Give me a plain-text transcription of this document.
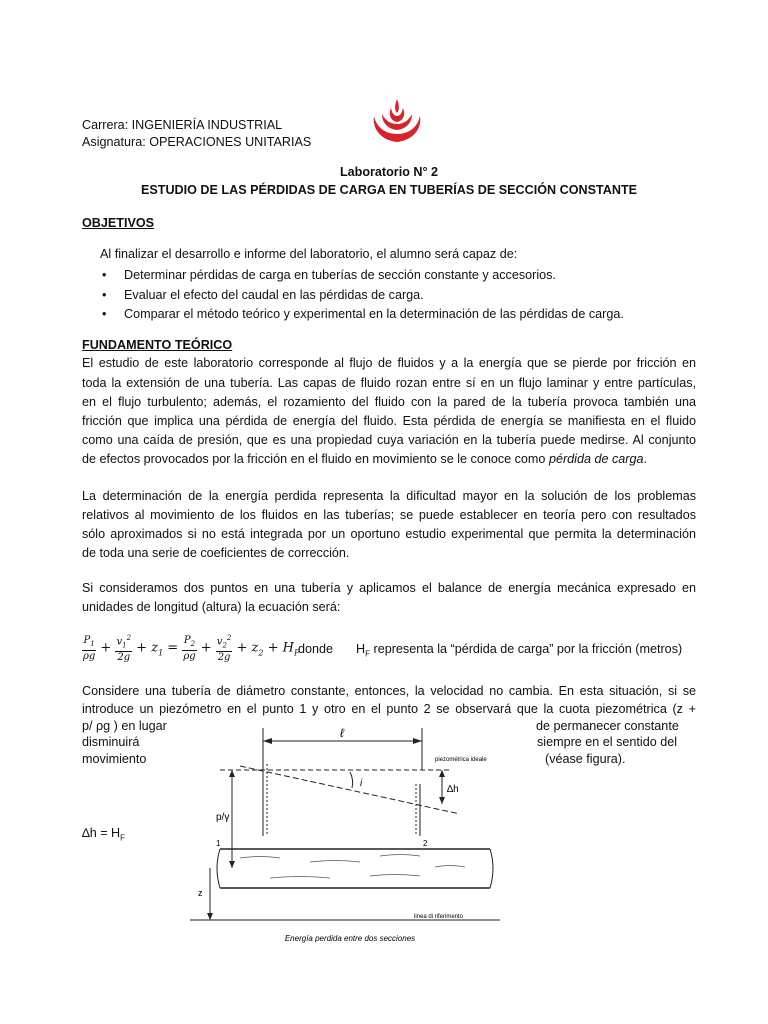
Carrera: INGENIERÍA INDUSTRIAL
Asignatura: OPERACIONES UNITARIAS
Laboratorio N° 2
ESTUDIO DE LAS PÉRDIDAS DE CARGA EN TUBERÍAS DE SECCIÓN CONSTANTE
OBJETIVOS
Al finalizar el desarrollo e informe del laboratorio, el alumno será capaz de:
• Determinar pérdidas de carga en tuberías de sección constante y accesorios.
• Evaluar el efecto del caudal en las pérdidas de carga.
• Comparar el método teórico y experimental en la determinación de las pérdidas de carga.
FUNDAMENTO TEÓRICO
El estudio de este laboratorio corresponde al flujo de fluidos y a la energía que se pierde por fricción en
toda la extensión de una tubería. Las capas de fluido rozan entre sí en un flujo laminar y entre partículas,
en el flujo turbulento; además, el rozamiento del fluido con la pared de la tubería provoca también una
fricción que implica una pérdida de energía del fluido. Esta pérdida de energía se manifiesta en el fluido
como una caída de presión, que es una propiedad cuya variación en la tubería puede medirse. Al conjunto
de efectos provocados por la fricción en el fluido en movimiento se le conoce como pérdida de carga.
La determinación de la energía perdida representa la dificultad mayor en la solución de los problemas
relativos al movimiento de los fluidos en las tuberías; se puede establecer en teoría pero con resultados
sólo aproximados si no está integrada por un oportuno estudio experimental que permita la determinación
de toda una serie de coeficientes de corrección.
Si consideramos dos puntos en una tubería y aplicamos el balance de energía mecánica expresado en
unidades de longitud (altura) la ecuación será:
$\frac{P_1}{\rho g} + \frac{v_1^2}{2g} + z_1 = \frac{P_2}{\rho g} + \frac{v_2^2}{2g} + z_2 + H_F$
donde $H_F$ representa la “pérdida de carga” por la fricción (metros)
Considere una tubería de diámetro constante, entonces, la velocidad no cambia. En esta situación, si se
introduce un piezómetro en el punto 1 y otro en el punto 2 se observará que la cuota piezométrica (z +
p/ ρg ) en lugar	de permanecer constante
disminuirá	siempre en el sentido del
movimiento	(véase figura).
$\Delta h = H_F$
ℓ
piezométrica ideale
i
∆h
p/γ
1	2
linea di riferimento
z
Energía perdida entre dos secciones
